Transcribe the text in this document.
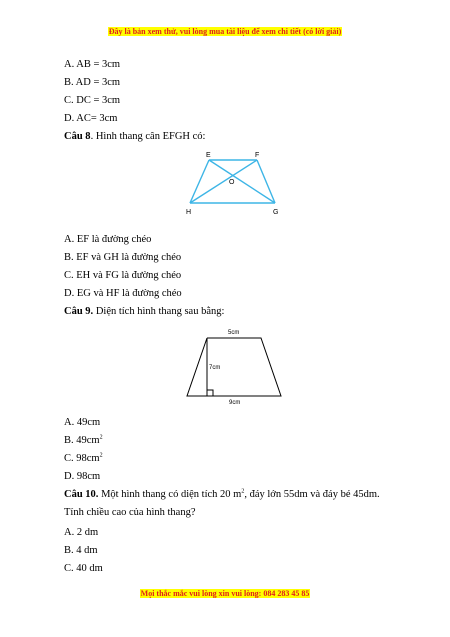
Đây là bản xem thử, vui lòng mua tài liệu để xem chi tiết (có lời giải)
A. AB = 3cm
B. AD = 3cm
C. DC = 3cm
D. AC= 3cm
Câu 8. Hình thang cân EFGH có:
E	F
O
H	G
A. EF là đường chéo
B. EF và GH là đường chéo
C. EH và FG là đường chéo
D. EG và HF là đường chéo
Câu 9. Diện tích hình thang sau bằng:
5cm
7cm
9cm
A. 49cm
B. $49cm^2$
C. $98cm^2$
D. 98cm
Câu 10. Một hình thang có diện tích 20 $m^2$, đáy lớn 55dm và đáy bé 45dm.
Tính chiều cao của hình thang?
A. 2 dm
B. 4 dm
C. 40 dm
Mọi thắc mắc vui lòng xin vui lòng: 084 283 45 85
